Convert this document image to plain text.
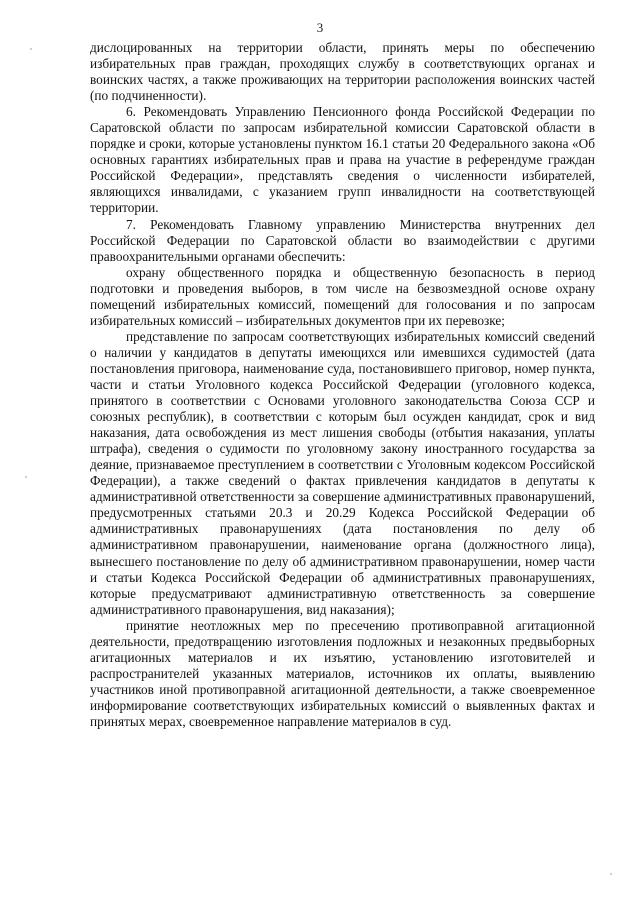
3

дислоцированных на территории области, принять меры по обеспечению избирательных прав граждан, проходящих службу в соответствующих органах и воинских частях, а также проживающих на территории расположения воинских частей (по подчиненности).

6. Рекомендовать Управлению Пенсионного фонда Российской Федерации по Саратовской области по запросам избирательной комиссии Саратовской области в порядке и сроки, которые установлены пунктом 16.1 статьи 20 Федерального закона «Об основных гарантиях избирательных прав и права на участие в референдуме граждан Российской Федерации», представлять сведения о численности избирателей, являющихся инвалидами, с указанием групп инвалидности на соответствующей территории.

7. Рекомендовать Главному управлению Министерства внутренних дел Российской Федерации по Саратовской области во взаимодействии с другими правоохранительными органами обеспечить:

охрану общественного порядка и общественную безопасность в период подготовки и проведения выборов, в том числе на безвозмездной основе охрану помещений избирательных комиссий, помещений для голосования и по запросам избирательных комиссий – избирательных документов при их перевозке;

представление по запросам соответствующих избирательных комиссий сведений о наличии у кандидатов в депутаты имеющихся или имевшихся судимостей (дата постановления приговора, наименование суда, постановившего приговор, номер пункта, части и статьи Уголовного кодекса Российской Федерации (уголовного кодекса, принятого в соответствии с Основами уголовного законодательства Союза ССР и союзных республик), в соответствии с которым был осужден кандидат, срок и вид наказания, дата освобождения из мест лишения свободы (отбытия наказания, уплаты штрафа), сведения о судимости по уголовному закону иностранного государства за деяние, признаваемое преступлением в соответствии с Уголовным кодексом Российской Федерации), а также сведений о фактах привлечения кандидатов в депутаты к административной ответственности за совершение административных правонарушений, предусмотренных статьями 20.3 и 20.29 Кодекса Российской Федерации об административных правонарушениях (дата постановления по делу об административном правонарушении, наименование органа (должностного лица), вынесшего постановление по делу об административном правонарушении, номер части и статьи Кодекса Российской Федерации об административных правонарушениях, которые предусматривают административную ответственность за совершение административного правонарушения, вид наказания);

принятие неотложных мер по пресечению противоправной агитационной деятельности, предотвращению изготовления подложных и незаконных предвыборных агитационных материалов и их изъятию, установлению изготовителей и распространителей указанных материалов, источников их оплаты, выявлению участников иной противоправной агитационной деятельности, а также своевременное информирование соответствующих избирательных комиссий о выявленных фактах и принятых мерах, своевременное направление материалов в суд.
